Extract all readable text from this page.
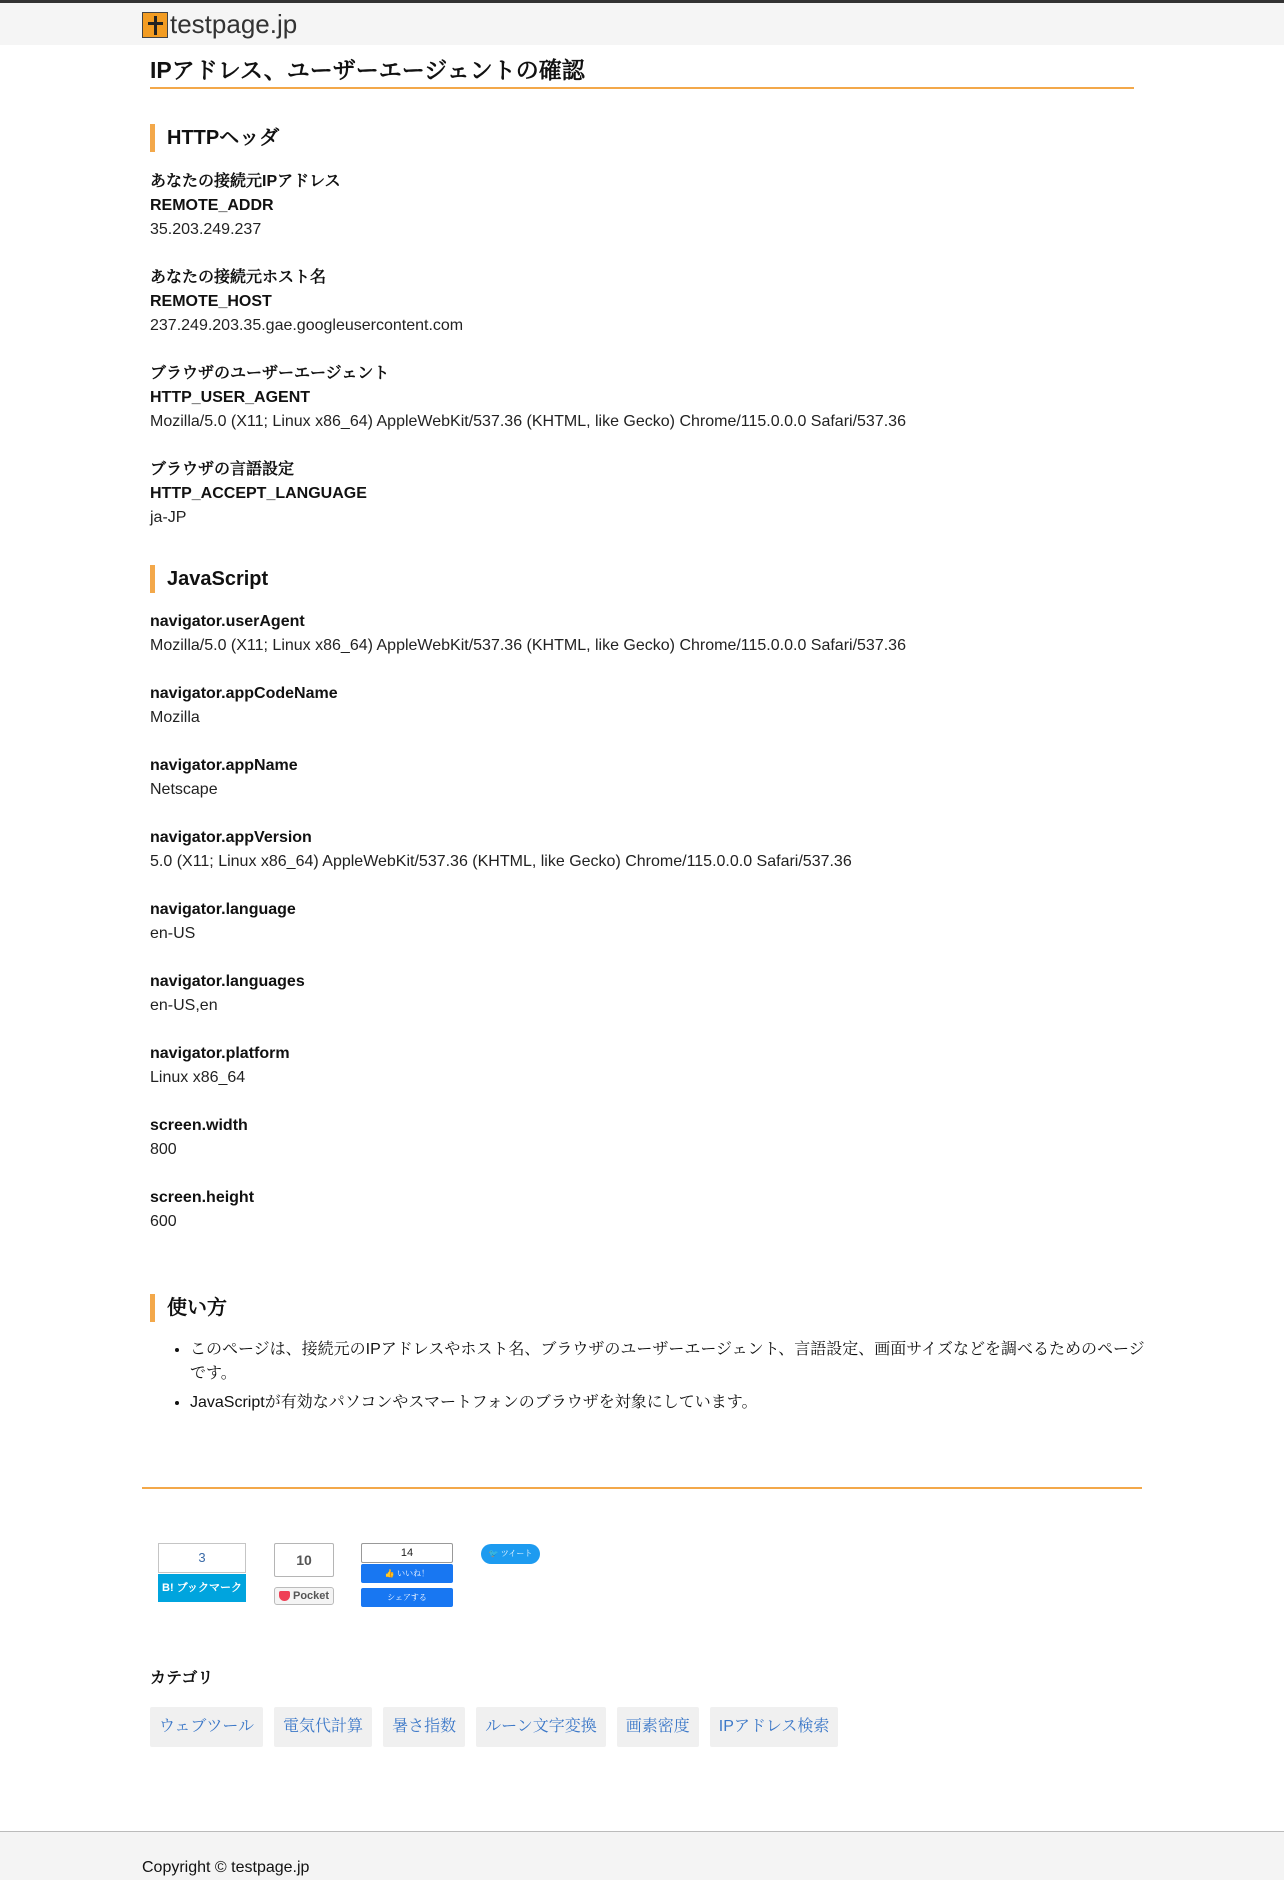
testpage.jp
IPアドレス、ユーザーエージェントの確認
HTTPヘッダ
あなたの接続元IPアドレス
REMOTE_ADDR
35.203.249.237
あなたの接続元ホスト名
REMOTE_HOST
237.249.203.35.gae.googleusercontent.com
ブラウザのユーザーエージェント
HTTP_USER_AGENT
Mozilla/5.0 (X11; Linux x86_64) AppleWebKit/537.36 (KHTML, like Gecko) Chrome/115.0.0.0 Safari/537.36
ブラウザの言語設定
HTTP_ACCEPT_LANGUAGE
ja-JP
JavaScript
navigator.userAgent
Mozilla/5.0 (X11; Linux x86_64) AppleWebKit/537.36 (KHTML, like Gecko) Chrome/115.0.0.0 Safari/537.36
navigator.appCodeName
Mozilla
navigator.appName
Netscape
navigator.appVersion
5.0 (X11; Linux x86_64) AppleWebKit/537.36 (KHTML, like Gecko) Chrome/115.0.0.0 Safari/537.36
navigator.language
en-US
navigator.languages
en-US,en
navigator.platform
Linux x86_64
screen.width
800
screen.height
600
使い方
• このページは、接続元のIPアドレスやホスト名、ブラウザのユーザーエージェント、言語設定、画面サイズなどを調べるためのページです。
• JavaScriptが有効なパソコンやスマートフォンのブラウザを対象にしています。
3
B! ブックマーク
10
Pocket
14
👍 いいね！
シェアする
🐦 ツイート
カテゴリ
ウェブツール	電気代計算	暑さ指数	ルーン文字変換	画素密度	IPアドレス検索
Copyright © testpage.jp
